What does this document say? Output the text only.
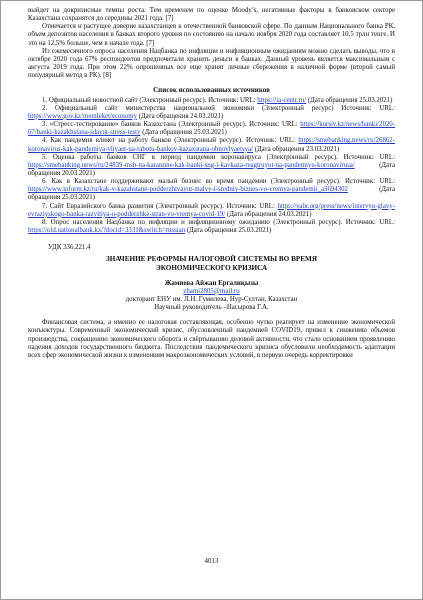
выйдет на докризисные темпы роста. Тем временем по оценке Moody’s, негативные факторы в банковском секторе Казахстана сохранятся до середины 2021 года. [7]

Отмечается и растущее доверие казахстанцев к отечественной банковской сфере. По данным Национального банка РК, объем депозитов населения в банках второго уровня по состоянию на начало ноября 2020 года составляет 10,5 трлн тенге. И это на 12,5% больше, чем в начале года. [7]

Из ежемесячного опроса населения Нацбанка по инфляции и инфляционным ожиданиям можно сделать выводы, что в октябре 2020 года 67% респондентов предпочитали хранить деньги в банках. Данный уровень является максимальным с августа 2019 года. При этом 22% опрошенных все еще хранят личные сбережения в наличной форме (второй самый популярный метод в РК). [8]

Список использованных источников

1. Официальный новостной сайт (Электронный ресурс). Источник: URL: https://ia-centr.ru/ (Дата обращения 25.03.2021)

2. Официальный сайт министерства национальной экономики (Электронный ресурс) Источник: URL: https://www.gov.kz/memleket/economy (Дата обращения 24.03.2021)

3. «Стресс-тестирование» банков Казахстана (Электронный ресурс). Источник: URL: https://kursiv.kz/news/banki/2020-07/banki-kazakhstana-sdayut-stress-testy (Дата обращения 25.03.2021)

4. Как пандемия влияет на работу банков (Электронный ресурс). Источник: URL: https://smebanking.news/ru/26862-koronavirus-kak-pandemiya-vliyaet-na-rabotu-bankov-kazaxstana-obnovlyaetsya/ (Дата обращения 23.03.2021)

5. Оценка работы банков СНГ в период пандемии коронавируса (Электронный ресурс). Источник: URL: https://smebanking.news/ru/24839-msb-na-karantine-kak-banki-sng-i-kavkaza-reagiruyut-na-pandemiyu-koronavirusa/ (Дата обращения 20.03.2021)

6. Как в Казахстане поддерживают малый бизнес во время пандемии (Электронный ресурс). Источник: URL: https://www.inform.kz/ru/kak-v-kazahstane-podderzhivayut-malyy-i-sredniy-biznes-vo-vremya-pandemii_a3694302 (Дата обращения 25.03.2021)

7. Сайт Евразийского банка развития (Электронный ресурс). Источник: URL: https://eabr.org/press/news/intervyu-glavy-evraziyskogo-banka-razvitiya-o-podderzhke-stran-vo-vremya-covid-19/ (Дата обращения 24.03.2021)

8. Опрос населения Нацбанка по инфляции и инфляционному ожиданию (Электронный ресурс). Источник: URL: https://old.nationalbank.kz/?docid=3331&switch=russian (Дата обращения 25.03.2021)

УДК 336.221.4
ЗНАЧЕНИЕ РЕФОРМЫ НАЛОГОВОЙ СИСТЕМЫ ВО ВРЕМЯ
ЭКОНОМИЧЕСКОГО КРИЗИСА
Жамиева Айжан Ергалиқызы
zhami2805@mail.ru
докторант ЕНУ им. Л.Н. Гумилева, Нур-Султан, Казахстан
Научный руководитель –Насырова Г.А.

Финансовая система, а именно ее налоговая составляющая, особенно чутко реагирует на изменение экономической конъюктуры. Современный экономический кризис, обусловленный пандемией COVID19, привел к снижению объемов производства, сокращению экономического оборота и свёртыванию деловой активности, что стало основанием проявлению падения доходов государственного бюджета. Последствия пандемического кризиса обусловили необходимость адаптации всех сфер экономической жизни к изменениям макроэкономических условий, в первую очередь корректировки

4013
